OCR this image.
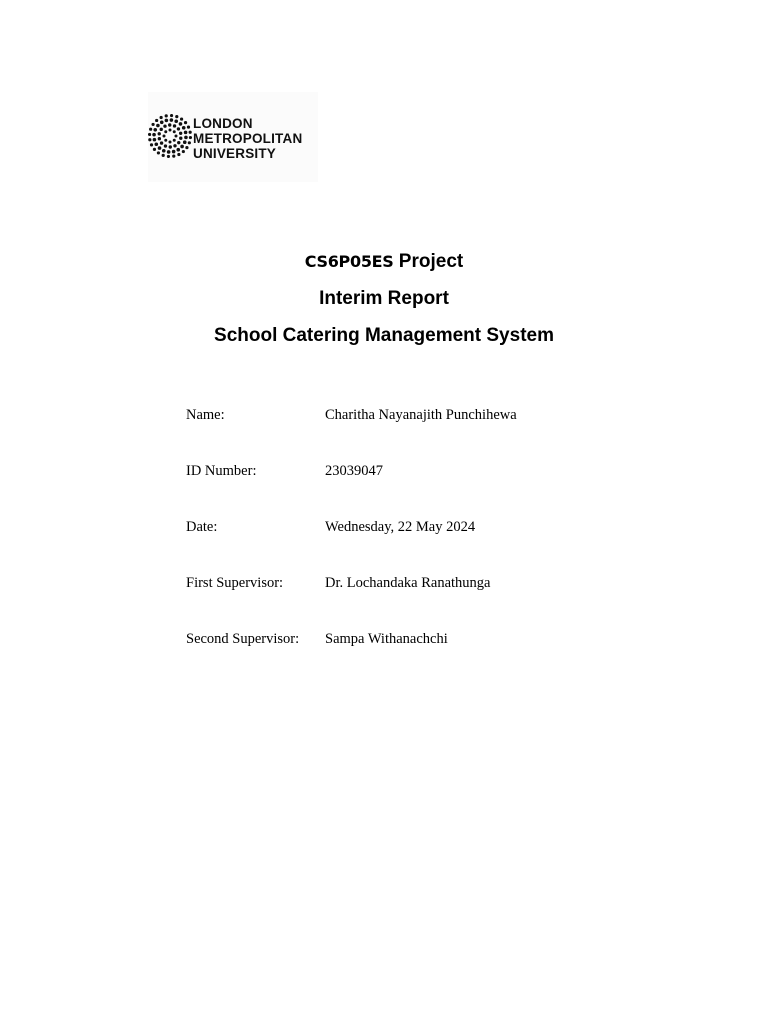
LONDON
METROPOLITAN
UNIVERSITY
CS6P05ES Project
Interim Report
School Catering Management System
Name:	Charitha Nayanajith Punchihewa
ID Number:	23039047
Date:	Wednesday, 22 May 2024
First Supervisor:	Dr. Lochandaka Ranathunga
Second Supervisor:	Sampa Withanachchi
